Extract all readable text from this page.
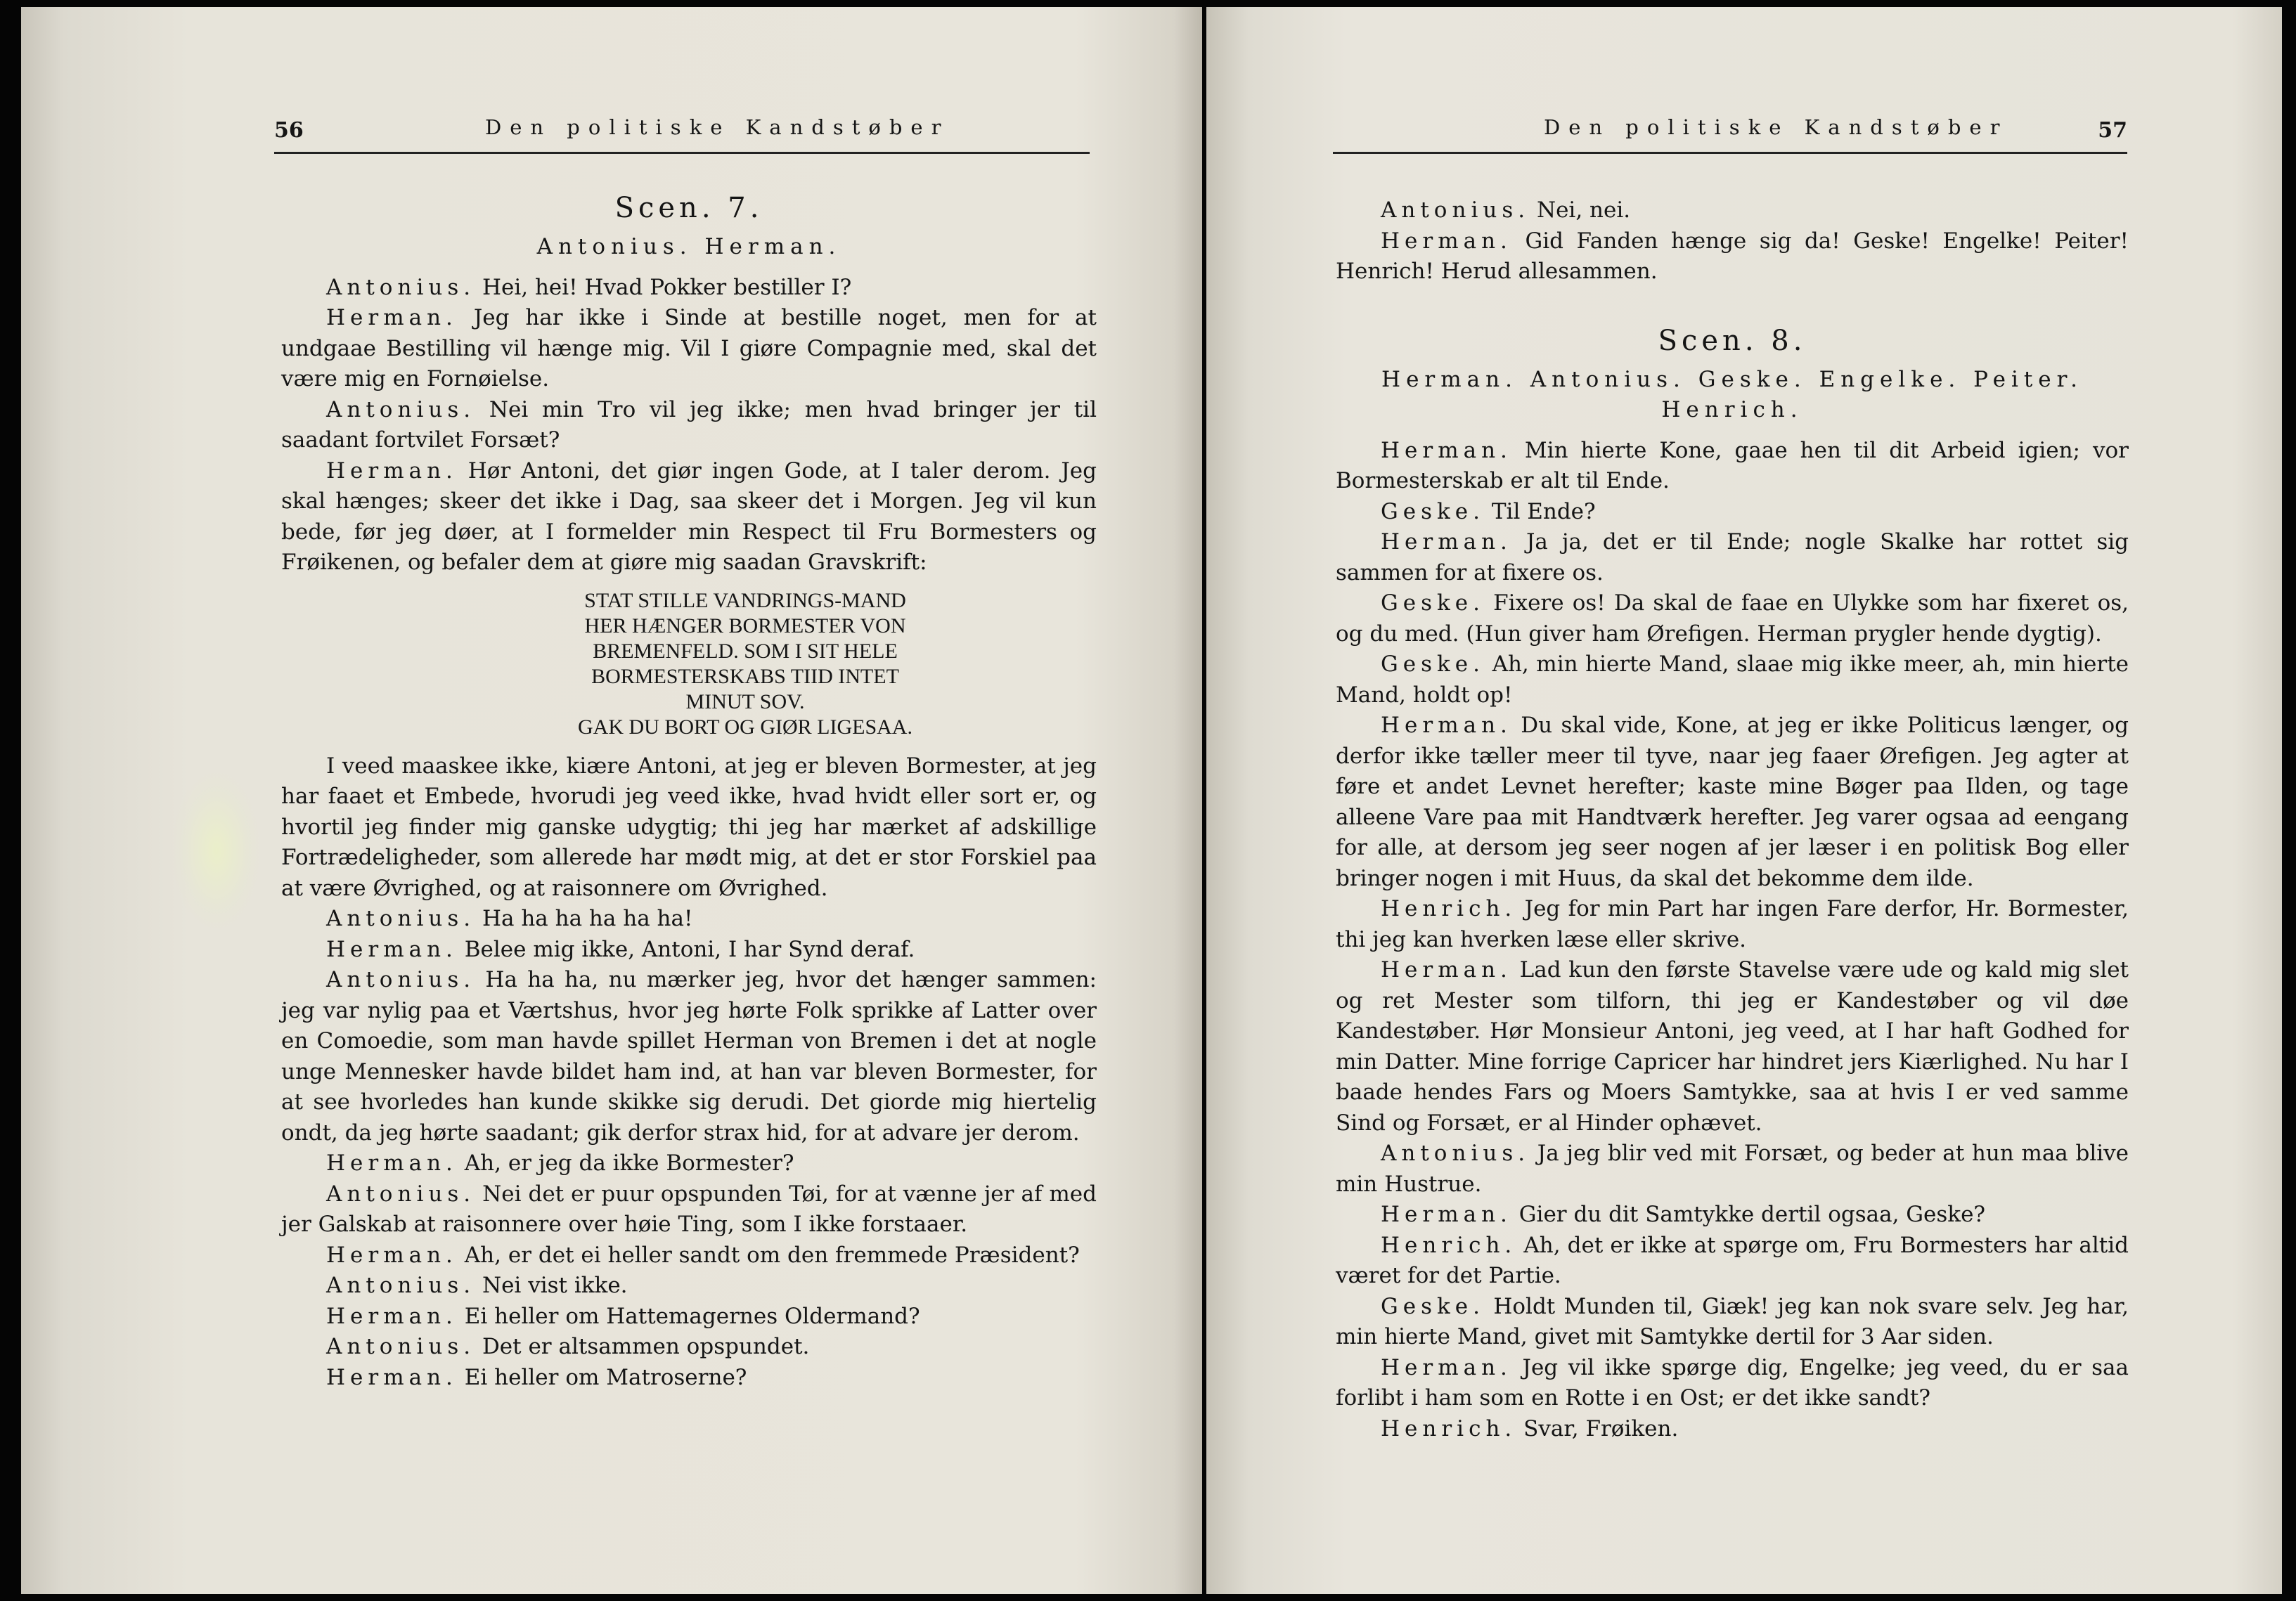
56	Den politiske Kandstøber
Scen. 7.
Antonius. Herman.
Antonius. Hei, hei! Hvad Pokker bestiller I?
Herman. Jeg har ikke i Sinde at bestille noget, men for at undgaae Bestilling vil hænge mig. Vil I giøre Compagnie med, skal det være mig en Fornøielse.
Antonius. Nei min Tro vil jeg ikke; men hvad bringer jer til saadant fortvilet Forsæt?
Herman. Hør Antoni, det giør ingen Gode, at I taler derom. Jeg skal hænges; skeer det ikke i Dag, saa skeer det i Morgen. Jeg vil kun bede, før jeg døer, at I formelder min Respect til Fru Bormesters og Frøikenen, og befaler dem at giøre mig saadan Gravskrift:
STAT STILLE VANDRINGS-MAND
HER HÆNGER BORMESTER VON
BREMENFELD. SOM I SIT HELE
BORMESTERSKABS TIID INTET
MINUT SOV.
GAK DU BORT OG GIØR LIGESAA.
I veed maaskee ikke, kiære Antoni, at jeg er bleven Bormester, at jeg har faaet et Embede, hvorudi jeg veed ikke, hvad hvidt eller sort er, og hvortil jeg finder mig ganske udygtig; thi jeg har mærket af adskillige Fortrædeligheder, som allerede har mødt mig, at det er stor Forskiel paa at være Øvrighed, og at raisonnere om Øvrighed.
Antonius. Ha ha ha ha ha ha!
Herman. Belee mig ikke, Antoni, I har Synd deraf.
Antonius. Ha ha ha, nu mærker jeg, hvor det hænger sammen: jeg var nylig paa et Værtshus, hvor jeg hørte Folk sprikke af Latter over en Comoedie, som man havde spillet Herman von Bremen i det at nogle unge Mennesker havde bildet ham ind, at han var bleven Bormester, for at see hvorledes han kunde skikke sig derudi. Det giorde mig hiertelig ondt, da jeg hørte saadant; gik derfor strax hid, for at advare jer derom.
Herman. Ah, er jeg da ikke Bormester?
Antonius. Nei det er puur opspunden Tøi, for at vænne jer af med jer Galskab at raisonnere over høie Ting, som I ikke forstaaer.
Herman. Ah, er det ei heller sandt om den fremmede Præsident?
Antonius. Nei vist ikke.
Herman. Ei heller om Hattemagernes Oldermand?
Antonius. Det er altsammen opspundet.
Herman. Ei heller om Matroserne?
Den politiske Kandstøber	57
Antonius. Nei, nei.
Herman. Gid Fanden hænge sig da! Geske! Engelke! Peiter! Henrich! Herud allesammen.
Scen. 8.
Herman. Antonius. Geske. Engelke. Peiter. Henrich.
Herman. Min hierte Kone, gaae hen til dit Arbeid igien; vor Bormesterskab er alt til Ende.
Geske. Til Ende?
Herman. Ja ja, det er til Ende; nogle Skalke har rottet sig sammen for at fixere os.
Geske. Fixere os! Da skal de faae en Ulykke som har fixeret os, og du med. (Hun giver ham Ørefigen. Herman prygler hende dygtig).
Geske. Ah, min hierte Mand, slaae mig ikke meer, ah, min hierte Mand, holdt op!
Herman. Du skal vide, Kone, at jeg er ikke Politicus længer, og derfor ikke tæller meer til tyve, naar jeg faaer Ørefigen. Jeg agter at føre et andet Levnet herefter; kaste mine Bøger paa Ilden, og tage alleene Vare paa mit Handtværk herefter. Jeg varer ogsaa ad eengang for alle, at dersom jeg seer nogen af jer læser i en politisk Bog eller bringer nogen i mit Huus, da skal det bekomme dem ilde.
Henrich. Jeg for min Part har ingen Fare derfor, Hr. Bormester, thi jeg kan hverken læse eller skrive.
Herman. Lad kun den første Stavelse være ude og kald mig slet og ret Mester som tilforn, thi jeg er Kandestøber og vil døe Kandestøber. Hør Monsieur Antoni, jeg veed, at I har haft Godhed for min Datter. Mine forrige Capricer har hindret jers Kiærlighed. Nu har I baade hendes Fars og Moers Samtykke, saa at hvis I er ved samme Sind og Forsæt, er al Hinder ophævet.
Antonius. Ja jeg blir ved mit Forsæt, og beder at hun maa blive min Hustrue.
Herman. Gier du dit Samtykke dertil ogsaa, Geske?
Henrich. Ah, det er ikke at spørge om, Fru Bormesters har altid været for det Partie.
Geske. Holdt Munden til, Giæk! jeg kan nok svare selv. Jeg har, min hierte Mand, givet mit Samtykke dertil for 3 Aar siden.
Herman. Jeg vil ikke spørge dig, Engelke; jeg veed, du er saa forlibt i ham som en Rotte i en Ost; er det ikke sandt?
Henrich. Svar, Frøiken.
